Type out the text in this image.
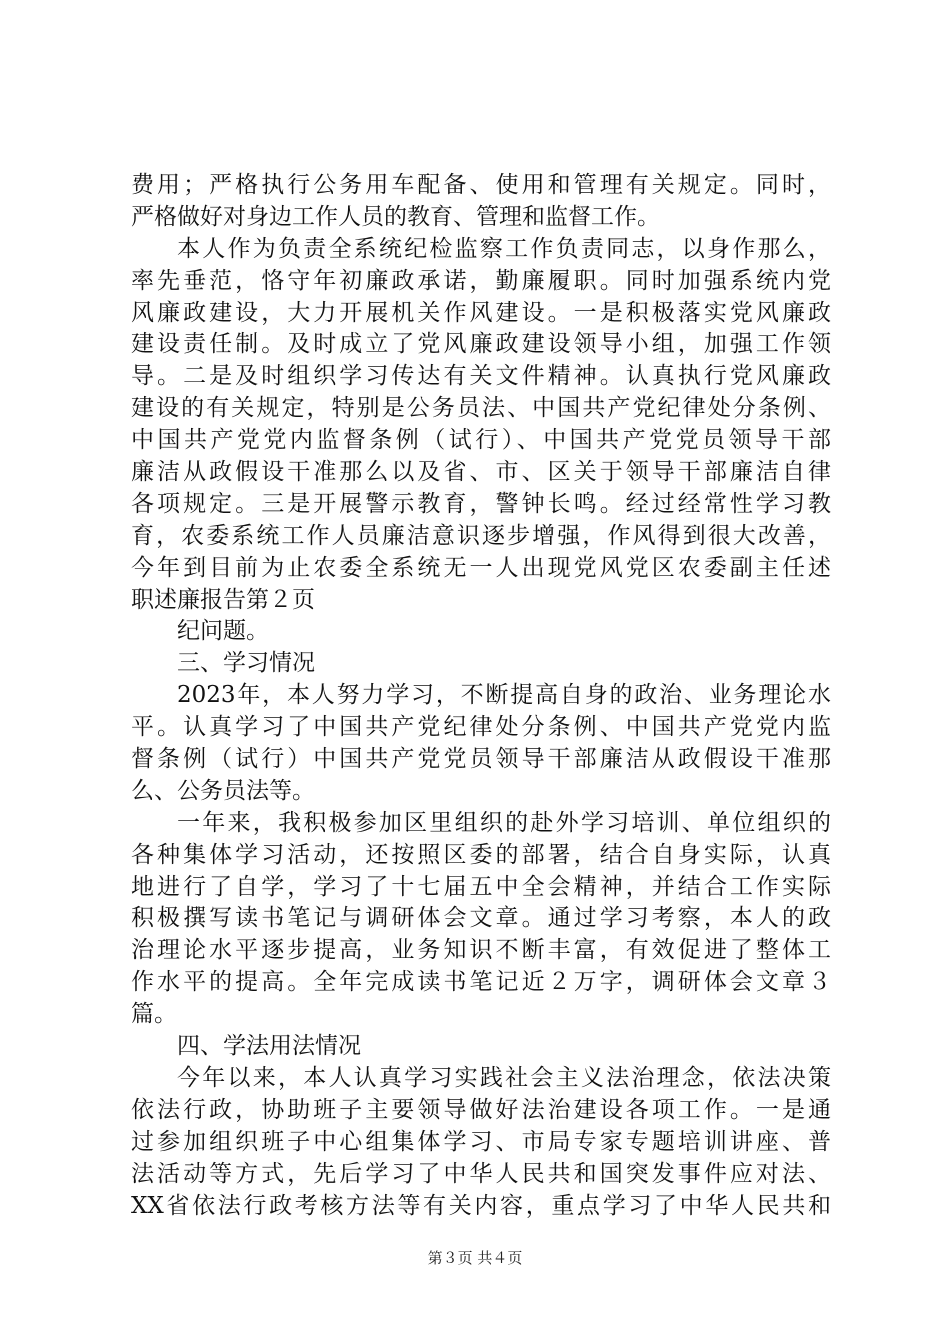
费用；严格执行公务用车配备、使用和管理有关规定。同时，
严格做好对身边工作人员的教育、管理和监督工作。
本人作为负责全系统纪检监察工作负责同志，以身作那么，
率先垂范，恪守年初廉政承诺，勤廉履职。同时加强系统内党
风廉政建设，大力开展机关作风建设。一是积极落实党风廉政
建设责任制。及时成立了党风廉政建设领导小组，加强工作领
导。二是及时组织学习传达有关文件精神。认真执行党风廉政
建设的有关规定，特别是公务员法、中国共产党纪律处分条例、
中国共产党党内监督条例（试行）、中国共产党党员领导干部
廉洁从政假设干准那么以及省、市、区关于领导干部廉洁自律
各项规定。三是开展警示教育，警钟长鸣。经过经常性学习教
育，农委系统工作人员廉洁意识逐步增强，作风得到很大改善，
今年到目前为止农委全系统无一人出现党风党区农委副主任述
职述廉报告第２页
纪问题。
三、学习情况
2023年，本人努力学习，不断提高自身的政治、业务理论水
平。认真学习了中国共产党纪律处分条例、中国共产党党内监
督条例（试行）中国共产党党员领导干部廉洁从政假设干准那
么、公务员法等。
一年来，我积极参加区里组织的赴外学习培训、单位组织的
各种集体学习活动，还按照区委的部署，结合自身实际，认真
地进行了自学，学习了十七届五中全会精神，并结合工作实际
积极撰写读书笔记与调研体会文章。通过学习考察，本人的政
治理论水平逐步提高，业务知识不断丰富，有效促进了整体工
作水平的提高。全年完成读书笔记近２万字，调研体会文章３
篇。
四、学法用法情况
今年以来，本人认真学习实践社会主义法治理念，依法决策
依法行政，协助班子主要领导做好法治建设各项工作。一是通
过参加组织班子中心组集体学习、市局专家专题培训讲座、普
法活动等方式，先后学习了中华人民共和国突发事件应对法、
XX省依法行政考核方法等有关内容，重点学习了中华人民共和
第３页 共４页
